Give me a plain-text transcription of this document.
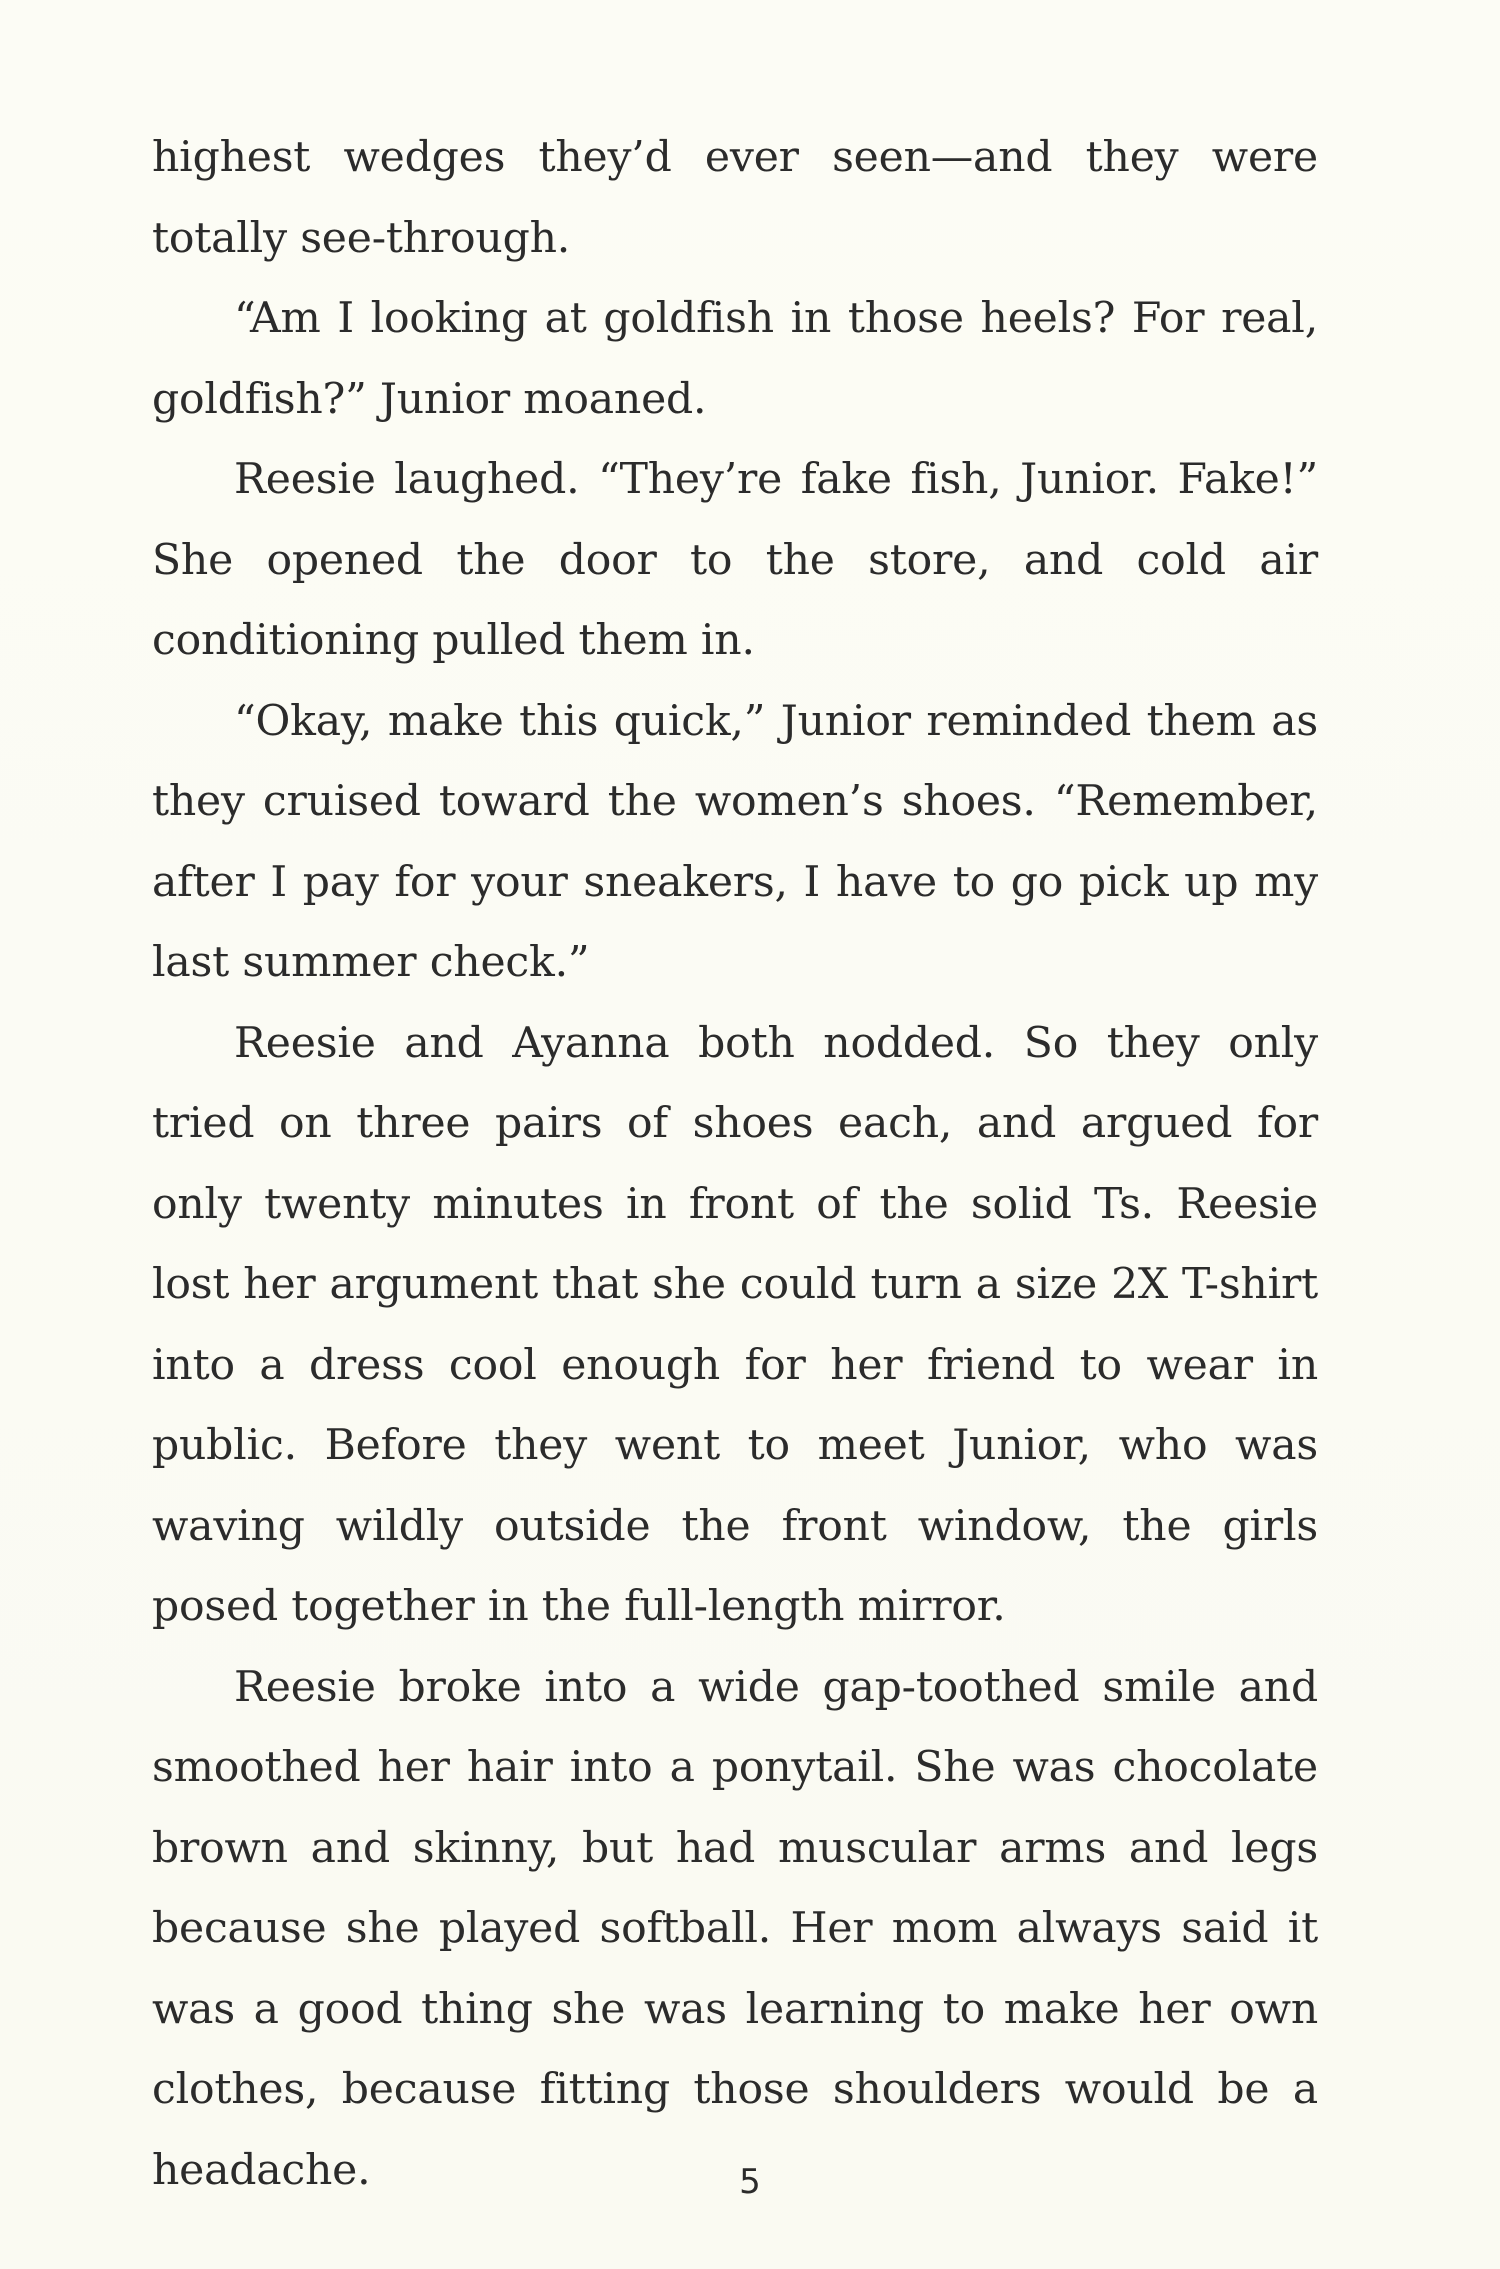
highest wedges they’d ever seen—and they were totally see-through.

“Am I looking at goldfish in those heels? For real, goldfish?” Junior moaned.

Reesie laughed. “They’re fake fish, Junior. Fake!” She opened the door to the store, and cold air conditioning pulled them in.

“Okay, make this quick,” Junior reminded them as they cruised toward the women’s shoes. “Remember, after I pay for your sneakers, I have to go pick up my last summer check.”

Reesie and Ayanna both nodded. So they only tried on three pairs of shoes each, and argued for only twenty minutes in front of the solid Ts. Reesie lost her argument that she could turn a size 2X T-shirt into a dress cool enough for her friend to wear in public. Before they went to meet Junior, who was waving wildly outside the front window, the girls posed together in the full-length mirror.

Reesie broke into a wide gap-toothed smile and smoothed her hair into a ponytail. She was chocolate brown and skinny, but had muscular arms and legs because she played softball. Her mom always said it was a good thing she was learning to make her own clothes, because fitting those shoulders would be a headache.	5
